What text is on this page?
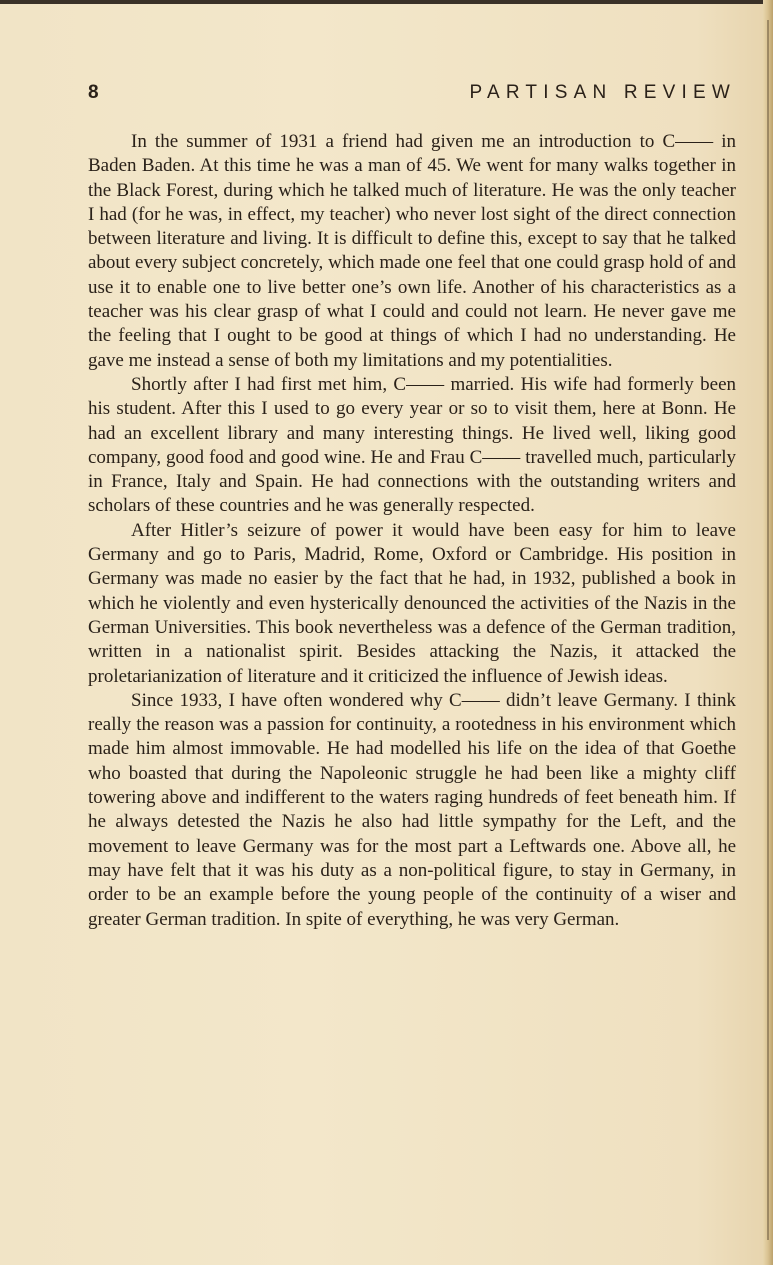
8	PARTISAN REVIEW

In the summer of 1931 a friend had given me an introduction to C—— in Baden Baden. At this time he was a man of 45. We went for many walks together in the Black Forest, during which he talked much of literature. He was the only teacher I had (for he was, in effect, my teacher) who never lost sight of the direct connection between literature and living. It is difficult to define this, except to say that he talked about every subject concretely, which made one feel that one could grasp hold of and use it to enable one to live better one’s own life. Another of his characteristics as a teacher was his clear grasp of what I could and could not learn. He never gave me the feeling that I ought to be good at things of which I had no understanding. He gave me instead a sense of both my limitations and my potentialities.

Shortly after I had first met him, C—— married. His wife had formerly been his student. After this I used to go every year or so to visit them, here at Bonn. He had an excellent library and many interesting things. He lived well, liking good company, good food and good wine. He and Frau C—— travelled much, particularly in France, Italy and Spain. He had connections with the outstanding writers and scholars of these countries and he was generally respected.

After Hitler’s seizure of power it would have been easy for him to leave Germany and go to Paris, Madrid, Rome, Oxford or Cambridge. His position in Germany was made no easier by the fact that he had, in 1932, published a book in which he violently and even hysterically denounced the activities of the Nazis in the German Universities. This book nevertheless was a defence of the German tradition, written in a nationalist spirit. Besides attacking the Nazis, it attacked the proletarianization of literature and it criticized the influence of Jewish ideas.

Since 1933, I have often wondered why C—— didn’t leave Germany. I think really the reason was a passion for continuity, a rootedness in his environment which made him almost immovable. He had modelled his life on the idea of that Goethe who boasted that during the Napoleonic struggle he had been like a mighty cliff towering above and indifferent to the waters raging hundreds of feet beneath him. If he always detested the Nazis he also had little sympathy for the Left, and the movement to leave Germany was for the most part a Leftwards one. Above all, he may have felt that it was his duty as a non-political figure, to stay in Germany, in order to be an example before the young people of the continuity of a wiser and greater German tradition. In spite of everything, he was very German.
